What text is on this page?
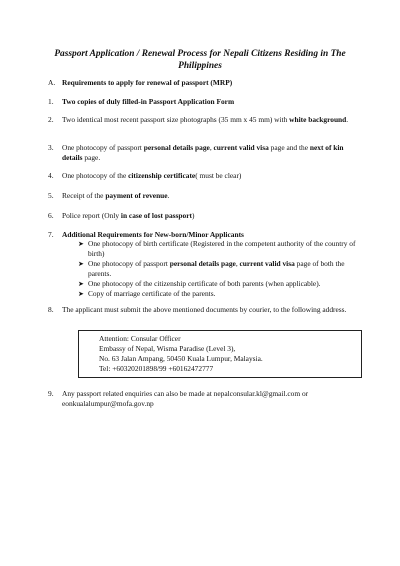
Passport Application / Renewal Process for Nepali Citizens Residing in The Philippines

A. Requirements to apply for renewal of passport (MRP)

1. Two copies of duly filled-in Passport Application Form

2. Two identical most recent passport size photographs (35 mm x 45 mm) with white background.

3. One photocopy of passport personal details page, current valid visa page and the next of kin details page.

4. One photocopy of the citizenship certificate( must be clear)

5. Receipt of the payment of revenue.

6. Police report (Only in case of lost passport)

7. Additional Requirements for New-born/Minor Applicants

➤ One photocopy of birth certificate (Registered in the competent authority of the country of birth)

➤ One photocopy of passport personal details page, current valid visa page of both the parents.

➤ One photocopy of the citizenship certificate of both parents (when applicable).

➤ Copy of marriage certificate of the parents.

8. The applicant must submit the above mentioned documents by courier, to the following address.

Attention: Consular Officer

Embassy of Nepal, Wisma Paradise (Level 3),

No. 63 Jalan Ampang, 50450 Kuala Lumpur, Malaysia.

Tel: +60320201898/99 +60162472777

9. Any passport related enquiries can also be made at nepalconsular.kl@gmail.com or eonkualalumpur@mofa.gov.np
